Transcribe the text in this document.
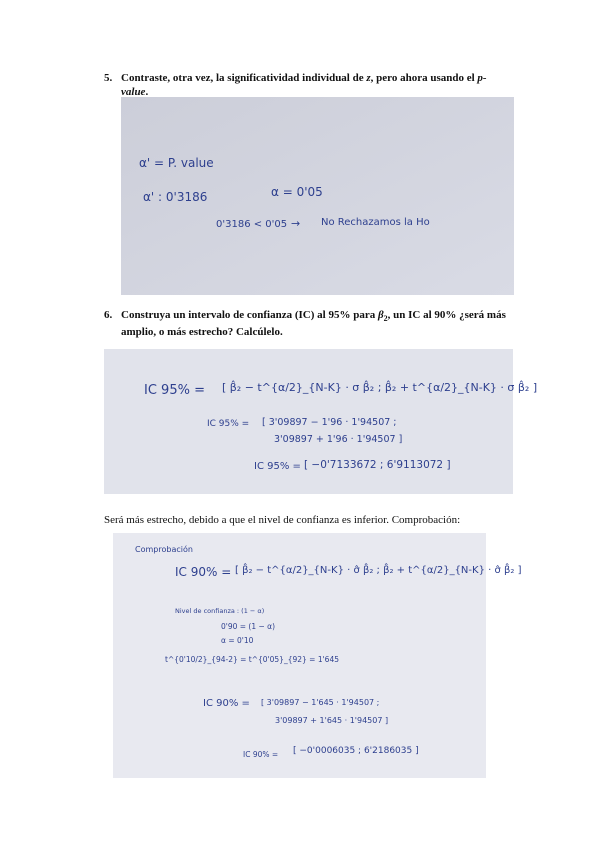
5. Contraste, otra vez, la significatividad individual de z, pero ahora usando el p-value.
α' = P. value
α' : 0'3186	α = 0'05
0'3186 < 0'05 → No Rechazamos la Ho
6. Construya un intervalo de confianza (IC) al 95% para $\beta_2$, un IC al 90% ¿será más amplio, o más estrecho? Calcúlelo.
IC 95% = [ β̂₂ − t^{α/2}_{N-K} · σ β̂₂ ; β̂₂ + t^{α/2}_{N-K} · σ β̂₂ ]
IC 95% = [ 3'09897 − 1'96 · 1'94507 ;
3'09897 + 1'96 · 1'94507 ]
IC 95% = [ −0'7133672 ; 6'9113072 ]
Será más estrecho, debido a que el nivel de confianza es inferior. Comprobación:
Comprobación
IC 90% = [ β̂₂ − t^{α/2}_{N-K} · σ̂ β̂₂ ; β̂₂ + t^{α/2}_{N-K} · σ̂ β̂₂ ]
Nivel de confianza : (1 − α)
0'90 = (1 − α)
α = 0'10
t^{0'10/2}_{94-2} = t^{0'05}_{92} = 1'645
IC 90% = [ 3'09897 − 1'645 · 1'94507 ;
3'09897 + 1'645 · 1'94507 ]
IC 90% = [ −0'0006035 ; 6'2186035 ]
